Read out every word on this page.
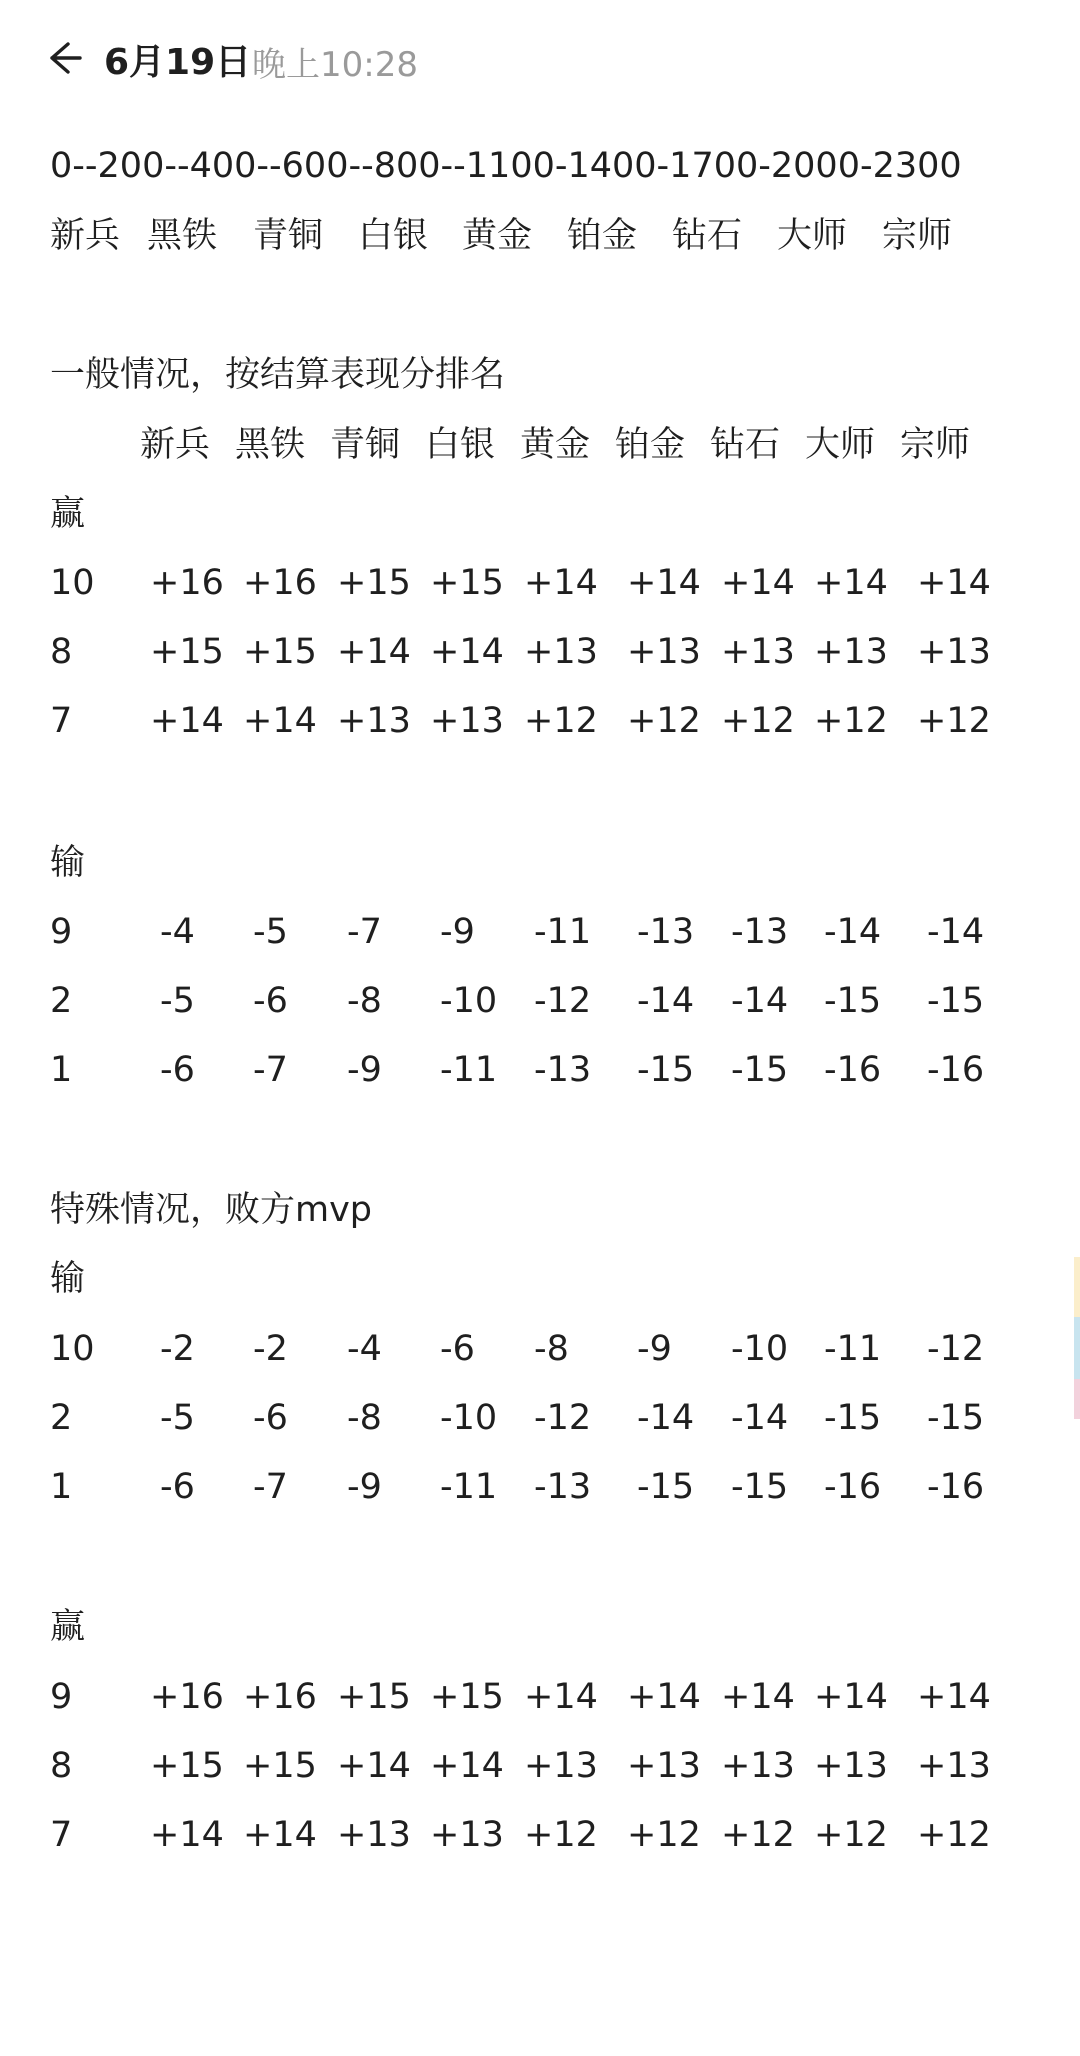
6月19日 晚上10:28
0--200--400--600--800--1100-1400-1700-2000-2300
新兵 黑铁 青铜 白银 黄金 铂金 钻石 大师 宗师
一般情况，按结算表现分排名
新兵 黑铁 青铜 白银 黄金 铂金 钻石 大师 宗师
赢
10 +16 +16 +15 +15 +14 +14 +14 +14 +14
8 +15 +15 +14 +14 +13 +13 +13 +13 +13
7 +14 +14 +13 +13 +12 +12 +12 +12 +12
输
9	-4 -5 -7 -9 -11 -13 -13 -14 -14
2	-5 -6 -8 -10 -12 -14 -14 -15 -15
1	-6 -7 -9 -11 -13 -15 -15 -16 -16
特殊情况，败方mvp
输
10 -2 -2 -4 -6 -8 -9 -10 -11 -12
2	-5 -6 -8 -10 -12 -14 -14 -15 -15
1	-6 -7 -9 -11 -13 -15 -15 -16 -16
赢
9 +16 +16 +15 +15 +14 +14 +14 +14 +14
8 +15 +15 +14 +14 +13 +13 +13 +13 +13
7 +14 +14 +13 +13 +12 +12 +12 +12 +12
